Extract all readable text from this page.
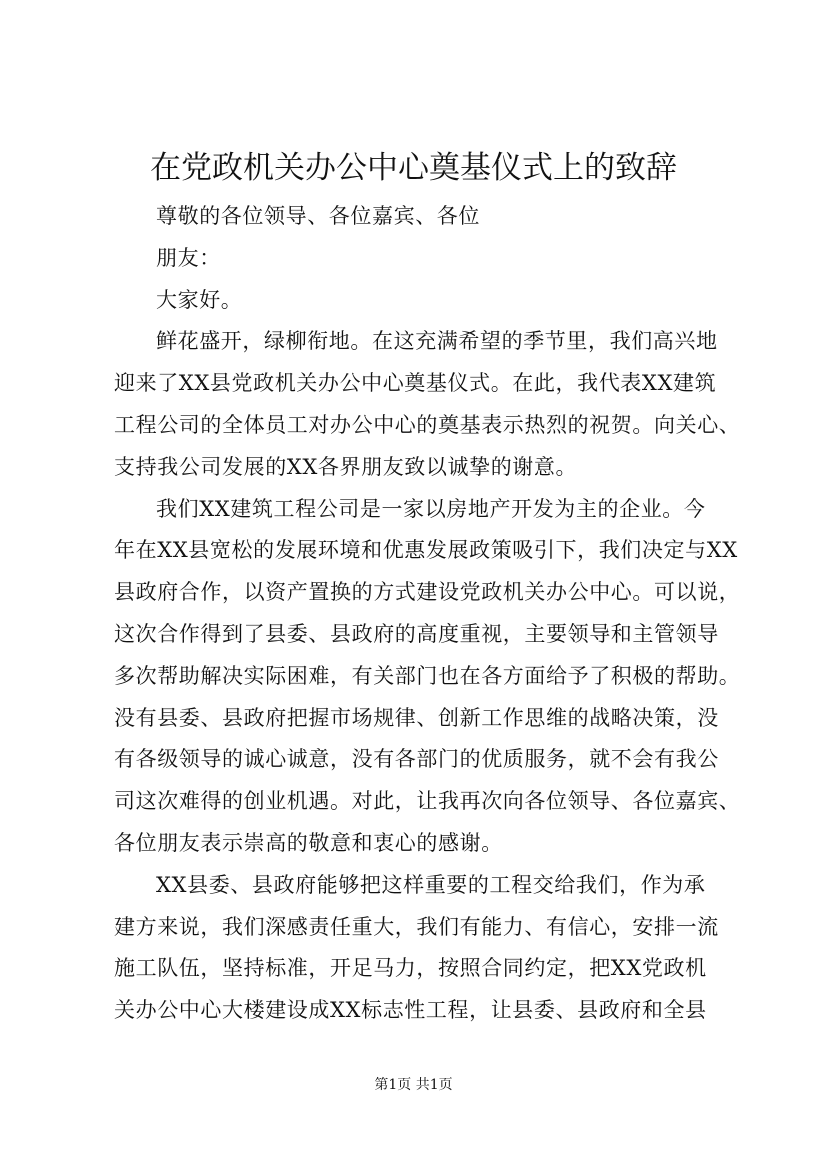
在党政机关办公中心奠基仪式上的致辞
尊敬的各位领导、各位嘉宾、各位
朋友：
大家好。
鲜花盛开，绿柳衔地。在这充满希望的季节里，我们高兴地
迎来了XX县党政机关办公中心奠基仪式。在此，我代表XX建筑
工程公司的全体员工对办公中心的奠基表示热烈的祝贺。向关心、
支持我公司发展的XX各界朋友致以诚挚的谢意。
我们XX建筑工程公司是一家以房地产开发为主的企业。今
年在XX县宽松的发展环境和优惠发展政策吸引下，我们决定与XX
县政府合作，以资产置换的方式建设党政机关办公中心。可以说，
这次合作得到了县委、县政府的高度重视，主要领导和主管领导
多次帮助解决实际困难，有关部门也在各方面给予了积极的帮助。
没有县委、县政府把握市场规律、创新工作思维的战略决策，没
有各级领导的诚心诚意，没有各部门的优质服务，就不会有我公
司这次难得的创业机遇。对此，让我再次向各位领导、各位嘉宾、
各位朋友表示崇高的敬意和衷心的感谢。
XX县委、县政府能够把这样重要的工程交给我们，作为承
建方来说，我们深感责任重大，我们有能力、有信心，安排一流
施工队伍，坚持标准，开足马力，按照合同约定，把XX党政机
关办公中心大楼建设成XX标志性工程，让县委、县政府和全县
第1页 共1页
